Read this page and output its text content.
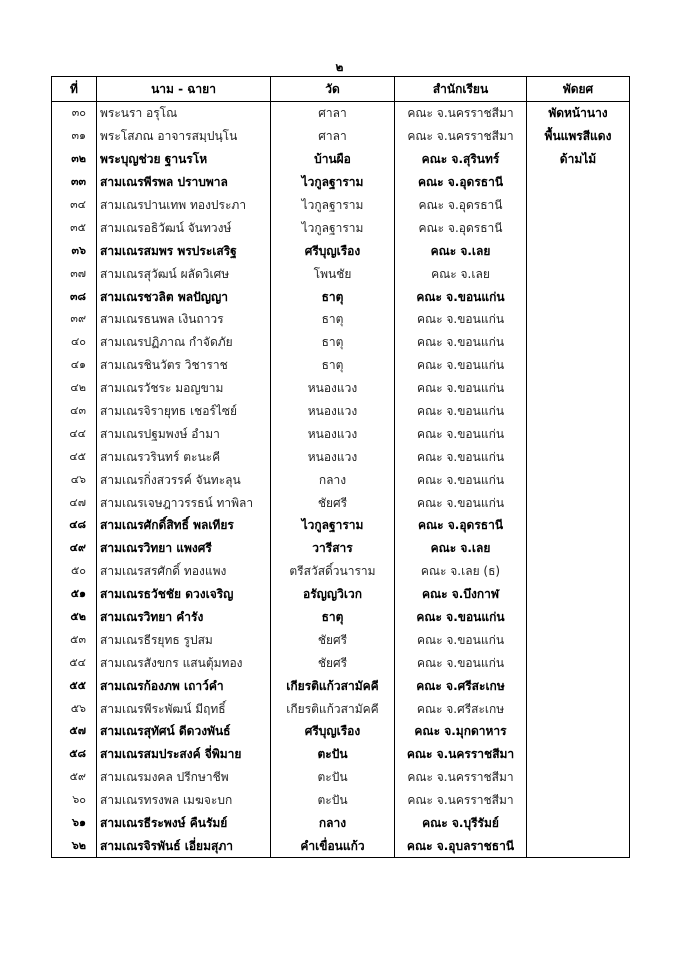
๒
ที่	นาม - ฉายา	วัด	สำนักเรียน	พัดยศ
๓๐	พระนรา อรุโณ	ศาลา	คณะ จ.นครราชสีมา	พัดหน้านาง
๓๑	พระโสภณ อาจารสมฺปนฺโน	ศาลา	คณะ จ.นครราชสีมา	พื้นแพรสีแดง
๓๒	พระบุญช่วย ฐานรโห	บ้านผือ	คณะ จ.สุรินทร์	ด้ามไม้
๓๓	สามเณรพีรพล ปราบพาล	ไวกูลฐาราม	คณะ จ.อุดรธานี	
๓๔	สามเณรปานเทพ ทองประภา	ไวกูลฐาราม	คณะ จ.อุดรธานี	
๓๕	สามเณรอธิวัฒน์ จันทวงษ์	ไวกูลฐาราม	คณะ จ.อุดรธานี	
๓๖	สามเณรสมพร พรประเสริฐ	ศรีบุญเรือง	คณะ จ.เลย	
๓๗	สามเณรสุวัฒน์ ผลัดวิเศษ	โพนชัย	คณะ จ.เลย	
๓๘	สามเณรชวลิต พลปัญญา	ธาตุ	คณะ จ.ขอนแก่น	
๓๙	สามเณรธนพล เงินถาวร	ธาตุ	คณะ จ.ขอนแก่น	
๔๐	สามเณรปฏิภาณ กำจัดภัย	ธาตุ	คณะ จ.ขอนแก่น	
๔๑	สามเณรชินวัตร วิชาราช	ธาตุ	คณะ จ.ขอนแก่น	
๔๒	สามเณรวัชระ มอญขาม	หนองแวง	คณะ จ.ขอนแก่น	
๔๓	สามเณรจิรายุทธ เชอร์ไซย์	หนองแวง	คณะ จ.ขอนแก่น	
๔๔	สามเณรปฐมพงษ์ อำมา	หนองแวง	คณะ จ.ขอนแก่น	
๔๕	สามเณรวรินทร์ ตะนะคี	หนองแวง	คณะ จ.ขอนแก่น	
๔๖	สามเณรกิ่งสวรรค์ จันทะลุน	กลาง	คณะ จ.ขอนแก่น	
๔๗	สามเณรเจษฎาวรรธน์ ทาพิลา	ชัยศรี	คณะ จ.ขอนแก่น	
๔๘	สามเณรศักดิ์สิทธิ์ พลเทียร	ไวกูลฐาราม	คณะ จ.อุดรธานี	
๔๙	สามเณรวิทยา แพงศรี	วารีสาร	คณะ จ.เลย	
๕๐	สามเณรสรศักดิ์ ทองแพง	ตรีสวัสดิ์วนาราม	คณะ จ.เลย (ธ)	
๕๑	สามเณรธวัชชัย ดวงเจริญ	อรัญญวิเวก	คณะ จ.บึงกาฬ	
๕๒	สามเณรวิทยา คำรัง	ธาตุ	คณะ จ.ขอนแก่น	
๕๓	สามเณรธีรยุทธ รูปสม	ชัยศรี	คณะ จ.ขอนแก่น	
๕๔	สามเณรสังขกร แสนตุ้มทอง	ชัยศรี	คณะ จ.ขอนแก่น	
๕๕	สามเณรก้องภพ เถาว์คำ	เกียรติแก้วสามัคคี	คณะ จ.ศรีสะเกษ	
๕๖	สามเณรพีระพัฒน์ มีฤทธิ์	เกียรติแก้วสามัคคี	คณะ จ.ศรีสะเกษ	
๕๗	สามเณรสุทัศน์ ดีดวงพันธ์	ศรีบุญเรือง	คณะ จ.มุกดาหาร	
๕๘	สามเณรสมประสงค์ จี่พิมาย	ตะปัน	คณะ จ.นครราชสีมา	
๕๙	สามเณรมงคล ปรีกษาชีพ	ตะปัน	คณะ จ.นครราชสีมา	
๖๐	สามเณรทรงพล เมฆจะบก	ตะปัน	คณะ จ.นครราชสีมา	
๖๑	สามเณรธีระพงษ์ คืนรัมย์	กลาง	คณะ จ.บุรีรัมย์	
๖๒	สามเณรจิรพันธ์ เอี่ยมสุภา	คำเขื่อนแก้ว	คณะ จ.อุบลราชธานี	
